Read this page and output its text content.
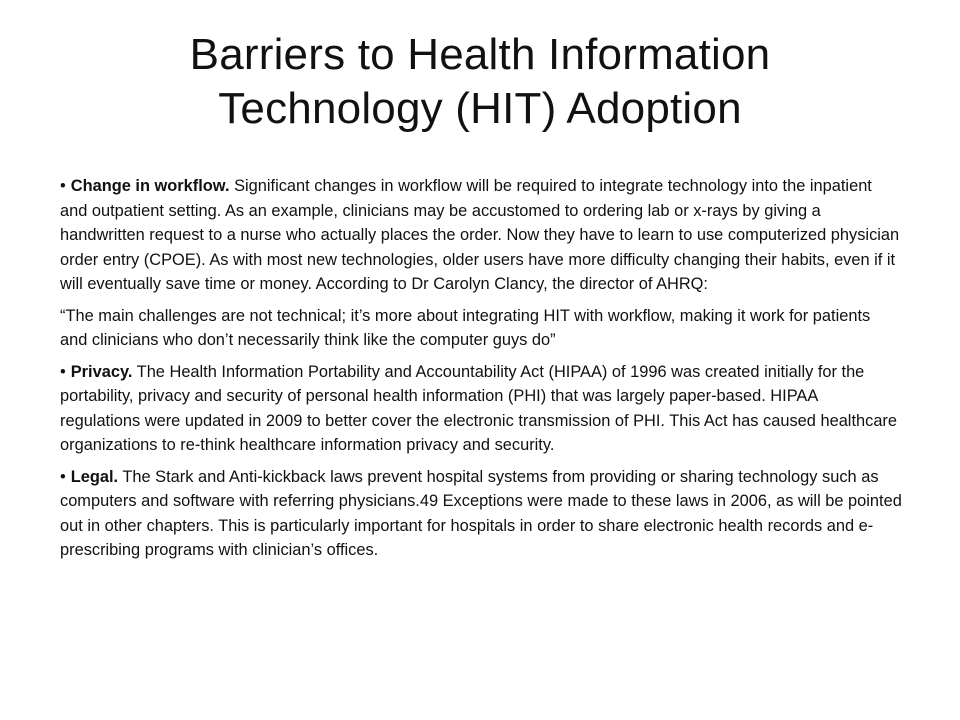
Barriers to Health Information
Technology (HIT) Adoption

• Change in workflow. Significant changes in workflow will be required to integrate technology into the inpatient and outpatient setting. As an example, clinicians may be accustomed to ordering lab or x-rays by giving a handwritten request to a nurse who actually places the order. Now they have to learn to use computerized physician order entry (CPOE). As with most new technologies, older users have more difficulty changing their habits, even if it will eventually save time or money. According to Dr Carolyn Clancy, the director of AHRQ:

“The main challenges are not technical; it’s more about integrating HIT with workflow, making it work for patients and clinicians who don’t necessarily think like the computer guys do”

• Privacy. The Health Information Portability and Accountability Act (HIPAA) of 1996 was created initially for the portability, privacy and security of personal health information (PHI) that was largely paper-based. HIPAA regulations were updated in 2009 to better cover the electronic transmission of PHI. This Act has caused healthcare organizations to re-think healthcare information privacy and security.

• Legal. The Stark and Anti-kickback laws prevent hospital systems from providing or sharing technology such as computers and software with referring physicians.49 Exceptions were made to these laws in 2006, as will be pointed out in other chapters. This is particularly important for hospitals in order to share electronic health records and e-prescribing programs with clinician’s offices.
